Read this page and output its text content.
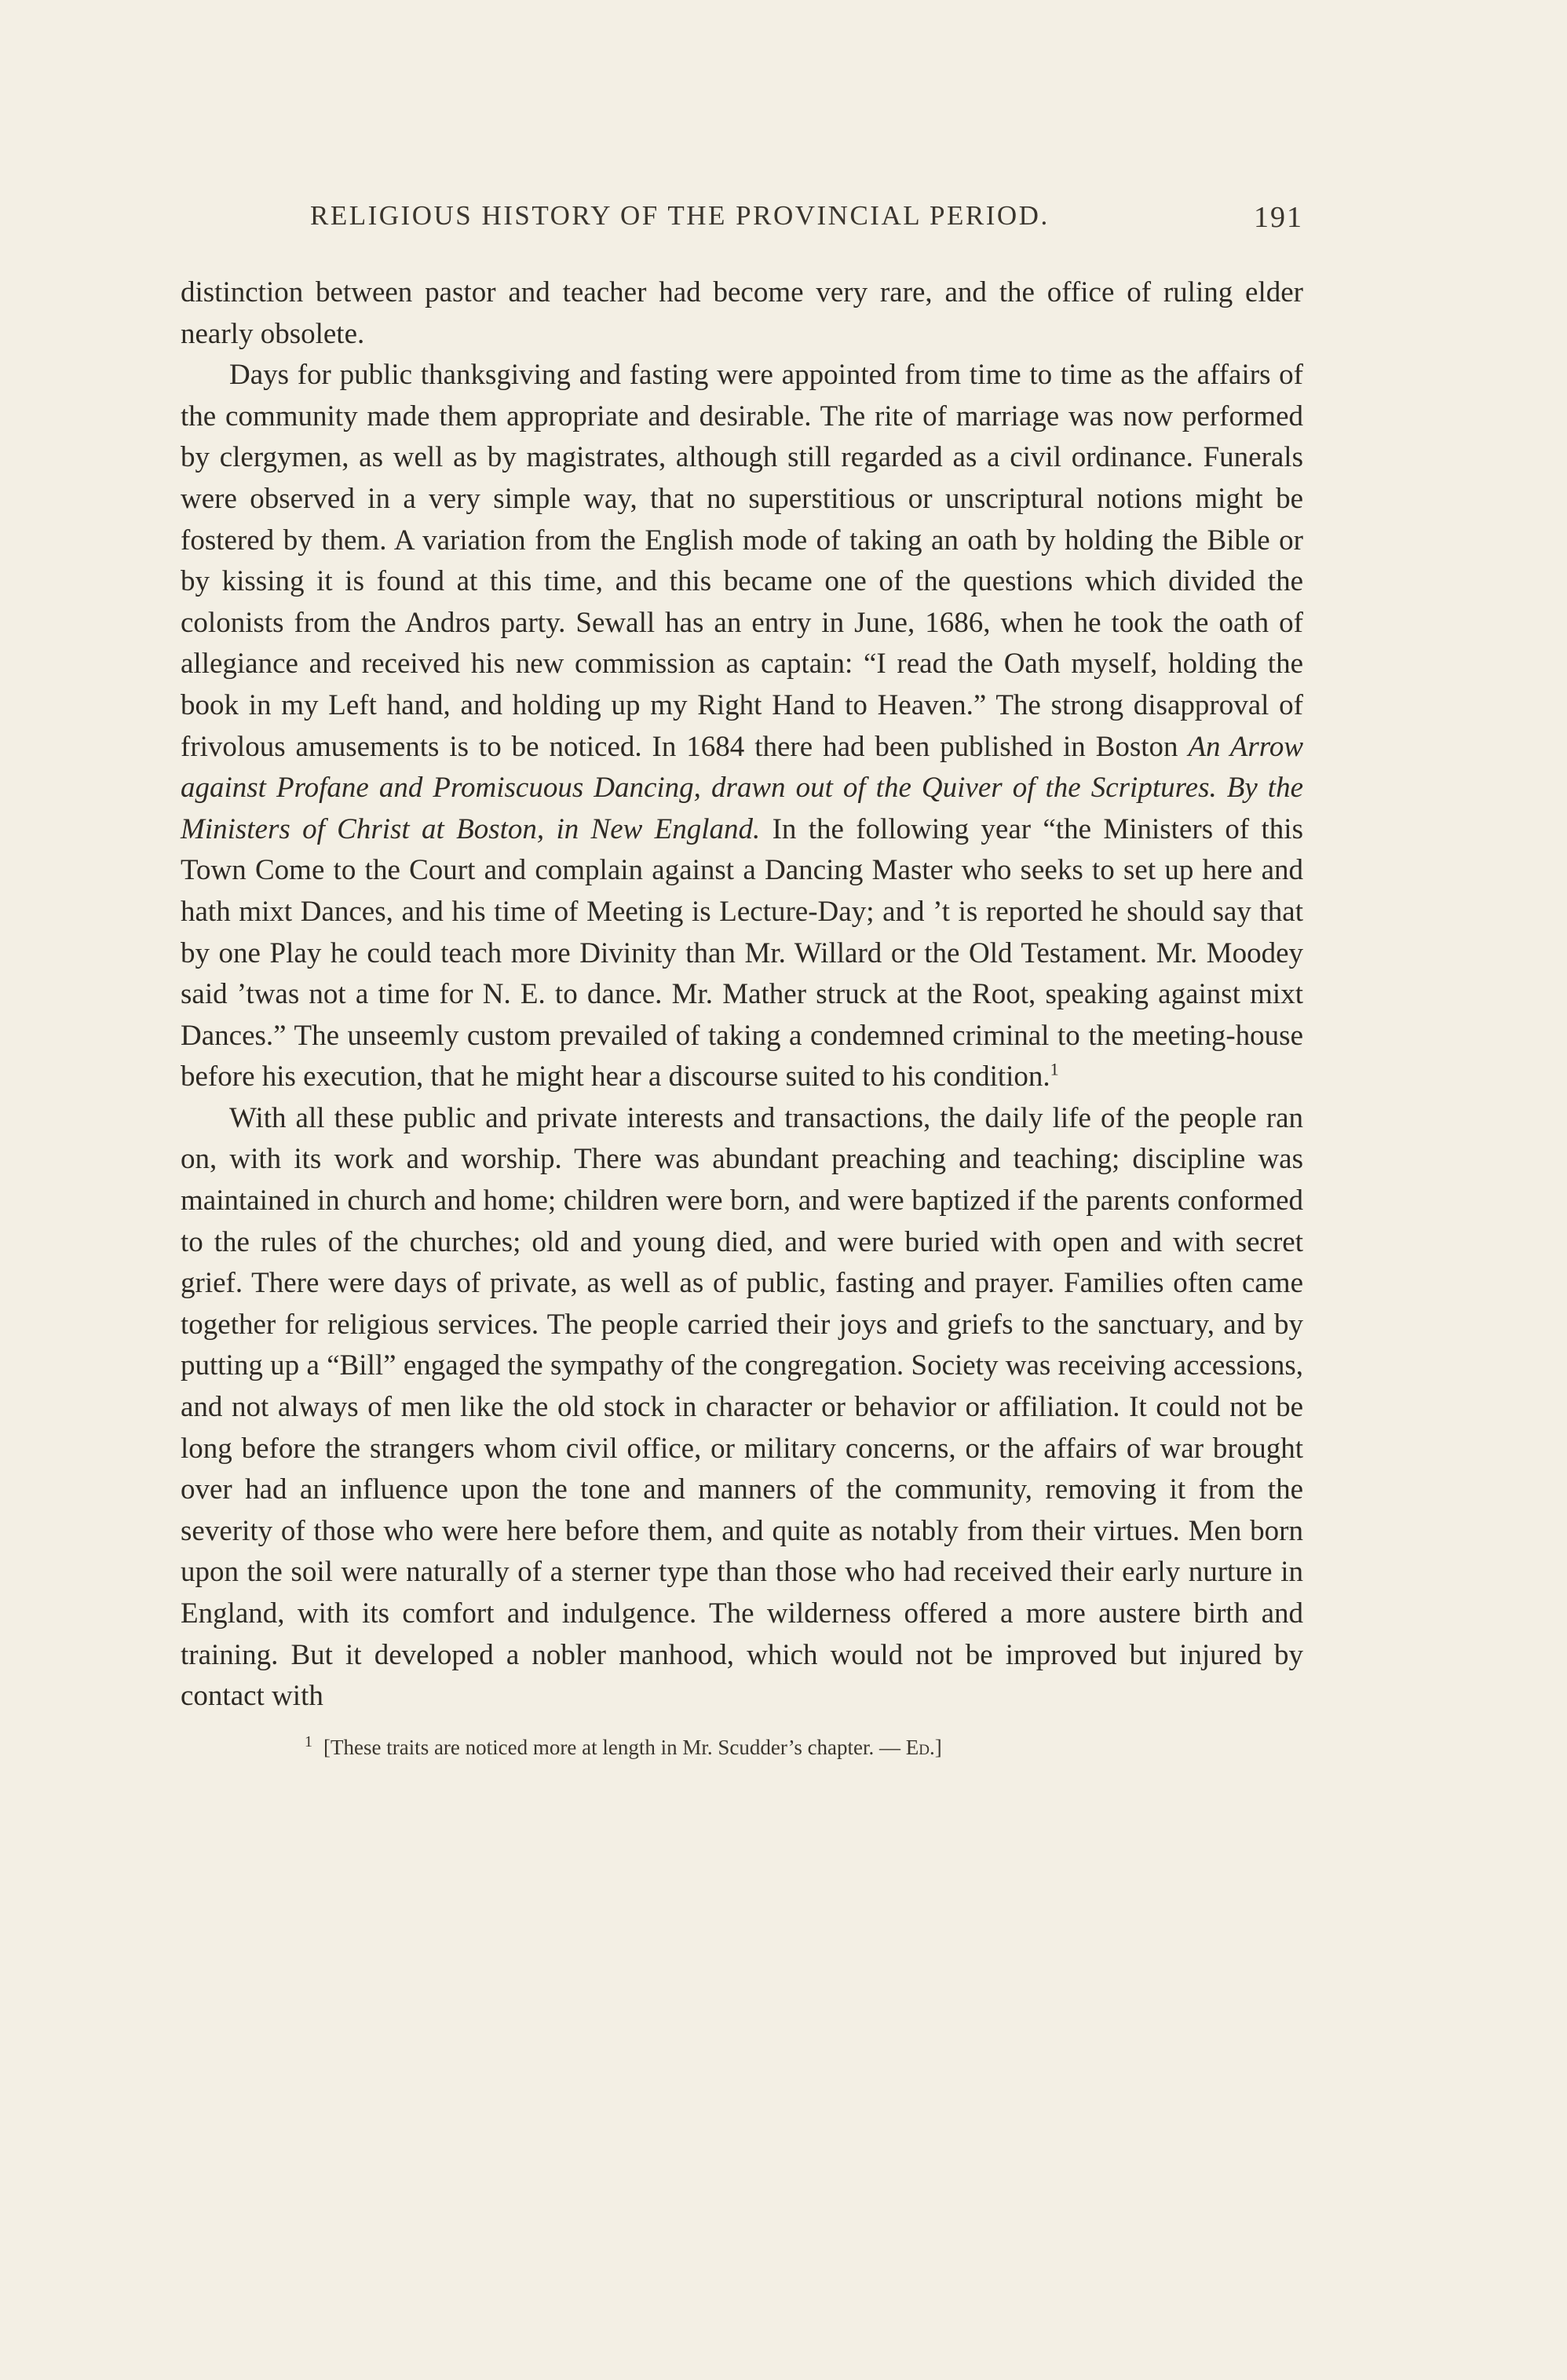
RELIGIOUS HISTORY OF THE PROVINCIAL PERIOD.	191

distinction between pastor and teacher had become very rare, and the office of ruling elder nearly obsolete.

Days for public thanksgiving and fasting were appointed from time to time as the affairs of the community made them appropriate and desirable. The rite of marriage was now performed by clergymen, as well as by magistrates, although still regarded as a civil ordinance. Funerals were observed in a very simple way, that no superstitious or unscriptural notions might be fostered by them. A variation from the English mode of taking an oath by holding the Bible or by kissing it is found at this time, and this became one of the questions which divided the colonists from the Andros party. Sewall has an entry in June, 1686, when he took the oath of allegiance and received his new commission as captain: “I read the Oath myself, holding the book in my Left hand, and holding up my Right Hand to Heaven.” The strong disapproval of frivolous amusements is to be noticed. In 1684 there had been published in Boston An Arrow against Profane and Promiscuous Dancing, drawn out of the Quiver of the Scriptures. By the Ministers of Christ at Boston, in New England. In the following year “the Ministers of this Town Come to the Court and complain against a Dancing Master who seeks to set up here and hath mixt Dances, and his time of Meeting is Lecture-Day; and ’t is reported he should say that by one Play he could teach more Divinity than Mr. Willard or the Old Testament. Mr. Moodey said ’twas not a time for N. E. to dance. Mr. Mather struck at the Root, speaking against mixt Dances.” The unseemly custom prevailed of taking a condemned criminal to the meeting-house before his execution, that he might hear a discourse suited to his condition.$^1$

With all these public and private interests and transactions, the daily life of the people ran on, with its work and worship. There was abundant preaching and teaching; discipline was maintained in church and home; children were born, and were baptized if the parents conformed to the rules of the churches; old and young died, and were buried with open and with secret grief. There were days of private, as well as of public, fasting and prayer. Families often came together for religious services. The people carried their joys and griefs to the sanctuary, and by putting up a “Bill” engaged the sympathy of the congregation. Society was receiving accessions, and not always of men like the old stock in character or behavior or affiliation. It could not be long before the strangers whom civil office, or military concerns, or the affairs of war brought over had an influence upon the tone and manners of the community, removing it from the severity of those who were here before them, and quite as notably from their virtues. Men born upon the soil were naturally of a sterner type than those who had received their early nurture in England, with its comfort and indulgence. The wilderness offered a more austere birth and training. But it developed a nobler manhood, which would not be improved but injured by contact with

$^1$ [These traits are noticed more at length in Mr. Scudder’s chapter. — Ed.]
